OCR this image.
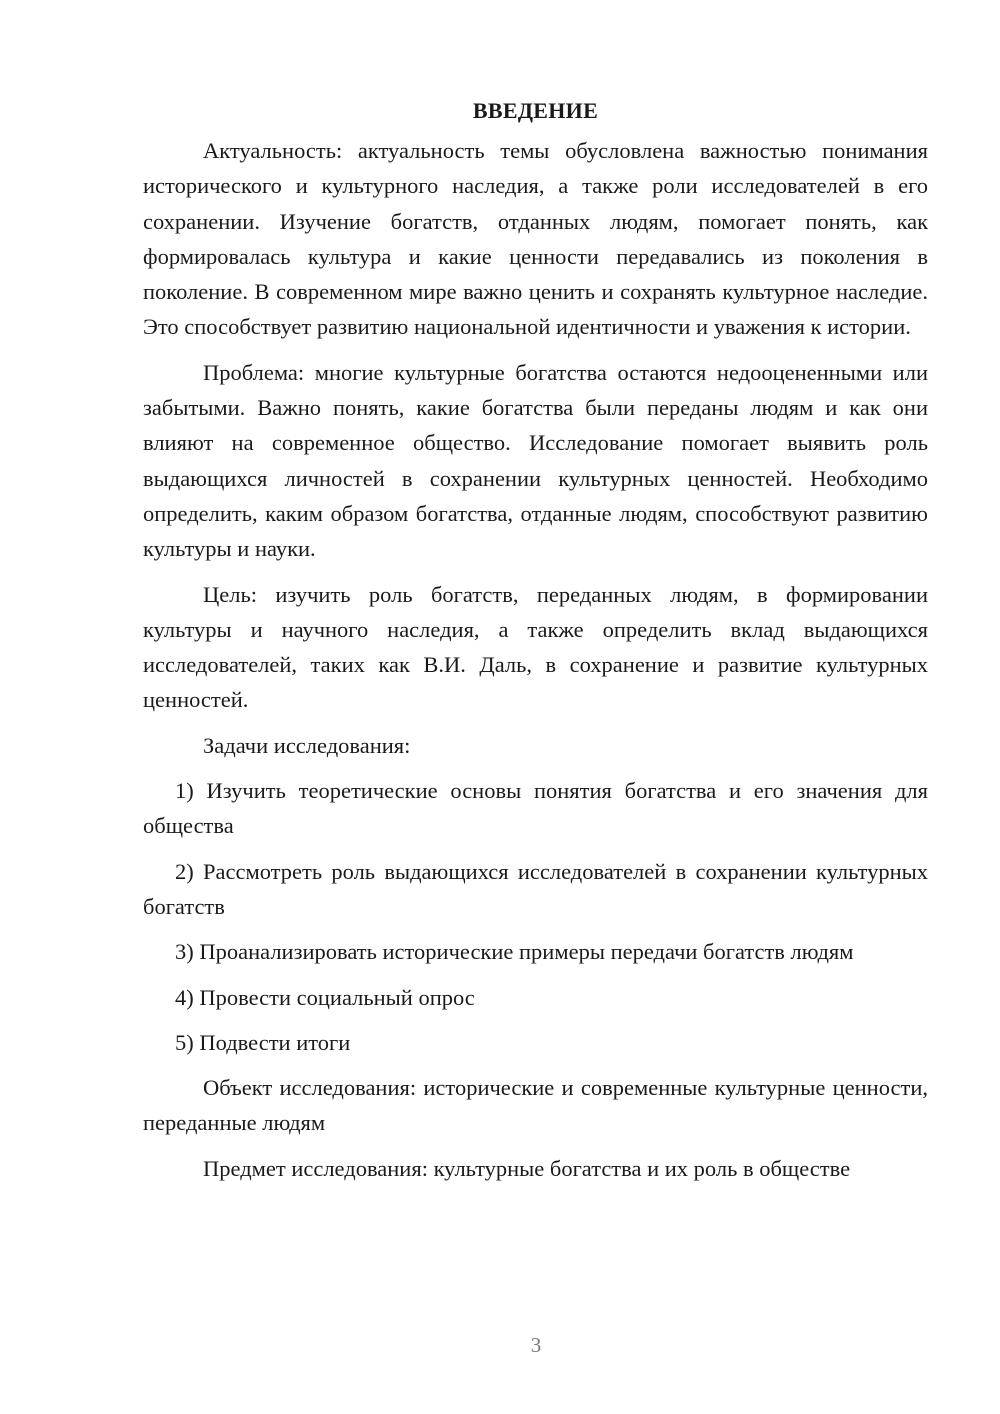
ВВЕДЕНИЕ

Актуальность: актуальность темы обусловлена важностью понимания исторического и культурного наследия, а также роли исследователей в его сохранении. Изучение богатств, отданных людям, помогает понять, как формировалась культура и какие ценности передавались из поколения в поколение. В современном мире важно ценить и сохранять культурное наследие. Это способствует развитию национальной идентичности и уважения к истории.

Проблема: многие культурные богатства остаются недооцененными или забытыми. Важно понять, какие богатства были переданы людям и как они влияют на современное общество. Исследование помогает выявить роль выдающихся личностей в сохранении культурных ценностей. Необходимо определить, каким образом богатства, отданные людям, способствуют развитию культуры и науки.

Цель: изучить роль богатств, переданных людям, в формировании культуры и научного наследия, а также определить вклад выдающихся исследователей, таких как В.И. Даль, в сохранение и развитие культурных ценностей.

Задачи исследования:

1) Изучить теоретические основы понятия богатства и его значения для общества

2) Рассмотреть роль выдающихся исследователей в сохранении культурных богатств

3) Проанализировать исторические примеры передачи богатств людям

4) Провести социальный опрос

5) Подвести итоги

Объект исследования: исторические и современные культурные ценности, переданные людям

Предмет исследования: культурные богатства и их роль в обществе

3
